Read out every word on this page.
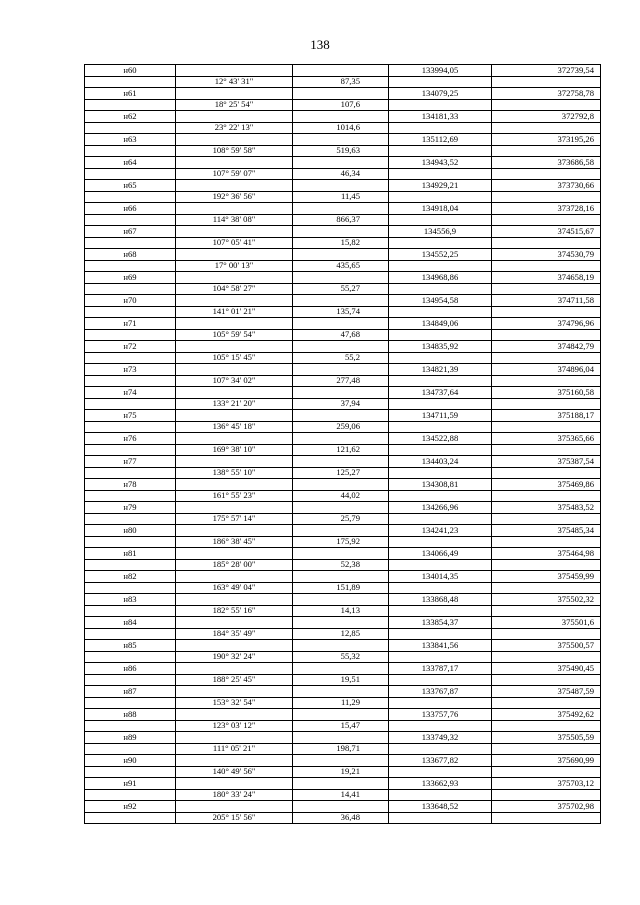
138
н60			133994,05	372739,54
	12° 43' 31"	87,35		
н61			134079,25	372758,78
	18° 25' 54"	107,6		
н62			134181,33	372792,8
	23° 22' 13"	1014,6		
н63			135112,69	373195,26
	108° 59' 58"	519,63		
н64			134943,52	373686,58
	107° 59' 07"	46,34		
н65			134929,21	373730,66
	192° 36' 56"	11,45		
н66			134918,04	373728,16
	114° 38' 08"	866,37		
н67			134556,9	374515,67
	107° 05' 41"	15,82		
н68			134552,25	374530,79
	17° 00' 13"	435,65		
н69			134968,86	374658,19
	104° 58' 27"	55,27		
н70			134954,58	374711,58
	141° 01' 21"	135,74		
н71			134849,06	374796,96
	105° 59' 54"	47,68		
н72			134835,92	374842,79
	105° 15' 45"	55,2		
н73			134821,39	374896,04
	107° 34' 02"	277,48		
н74			134737,64	375160,58
	133° 21' 20"	37,94		
н75			134711,59	375188,17
	136° 45' 18"	259,06		
н76			134522,88	375365,66
	169° 38' 10"	121,62		
н77			134403,24	375387,54
	138° 55' 10"	125,27		
н78			134308,81	375469,86
	161° 55' 23"	44,02		
н79			134266,96	375483,52
	175° 57' 14"	25,79		
н80			134241,23	375485,34
	186° 38' 45"	175,92		
н81			134066,49	375464,98
	185° 28' 00"	52,38		
н82			134014,35	375459,99
	163° 49' 04"	151,89		
н83			133868,48	375502,32
	182° 55' 16"	14,13		
н84			133854,37	375501,6
	184° 35' 49"	12,85		
н85			133841,56	375500,57
	190° 32' 24"	55,32		
н86			133787,17	375490,45
	188° 25' 45"	19,51		
н87			133767,87	375487,59
	153° 32' 54"	11,29		
н88			133757,76	375492,62
	123° 03' 12"	15,47		
н89			133749,32	375505,59
	111° 05' 21"	198,71		
н90			133677,82	375690,99
	140° 49' 56"	19,21		
н91			133662,93	375703,12
	180° 33' 24"	14,41		
н92			133648,52	375702,98
	205° 15' 56"	36,48		
